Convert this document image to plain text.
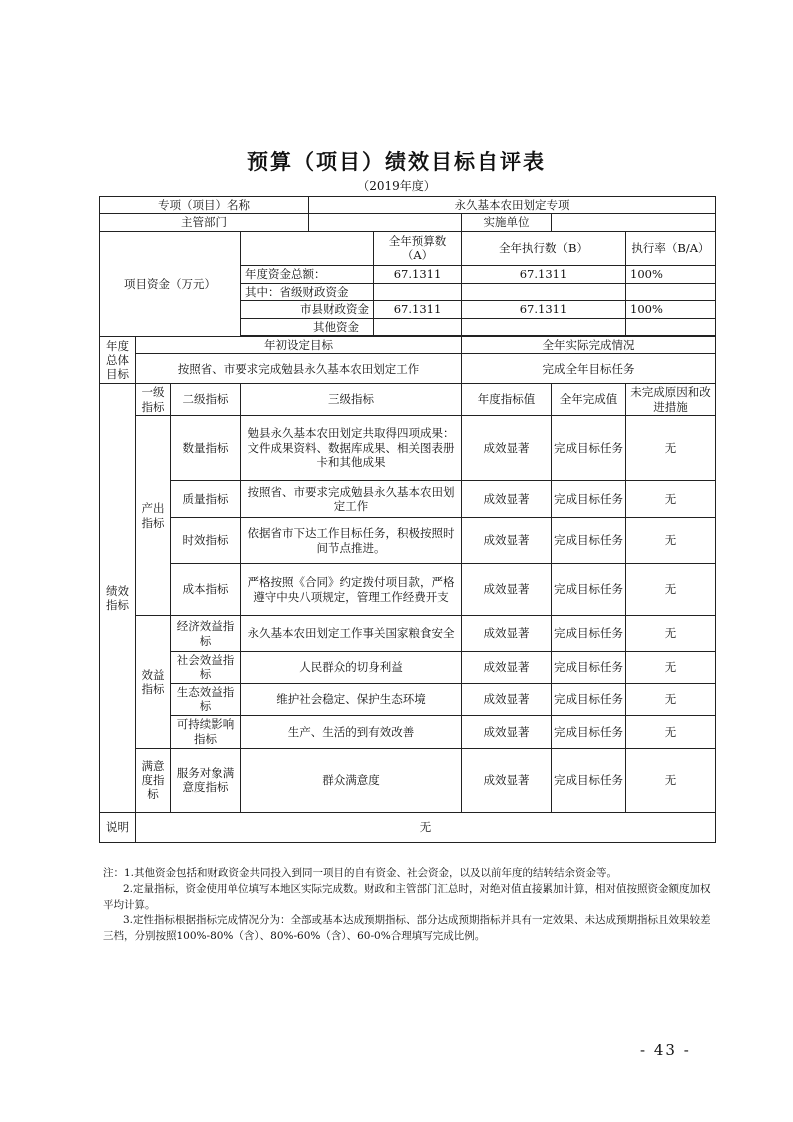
预算（项目）绩效目标自评表
（2019年度）
专项（项目）名称				永久基本农田划定专项				
主管部门						实施单位		
项目资金（万元）					全年预算数（A）	全年执行数（B）		执行率（B/A）
			年度资金总额：		67.1311	67.1311		100%
			其中：省级财政资金					
			市县财政资金		67.1311	67.1311		100%
			其他资金					

年度总体目标	年初设定目标					全年实际完成情况		
	按照省、市要求完成勉县永久基本农田划定工作					完成全年目标任务		
绩效指标	一级指标	二级指标	三级指标			年度指标值	全年完成值	未完成原因和改进措施
	产出指标	数量指标	勉县永久基本农田划定共取得四项成果：文件成果资料、数据库成果、相关图表册卡和其他成果			成效显著	完成目标任务	无
		质量指标	按照省、市要求完成勉县永久基本农田划定工作			成效显著	完成目标任务	无
		时效指标	依据省市下达工作目标任务，积极按照时间节点推进。			成效显著	完成目标任务	无
		成本指标	严格按照《合同》约定拨付项目款，严格遵守中央八项规定，管理工作经费开支			成效显著	完成目标任务	无
	效益指标	经济效益指标	永久基本农田划定工作事关国家粮食安全			成效显著	完成目标任务	无
		社会效益指标	人民群众的切身利益			成效显著	完成目标任务	无
		生态效益指标	维护社会稳定、保护生态环境			成效显著	完成目标任务	无
		可持续影响指标	生产、生活的到有效改善			成效显著	完成目标任务	无
	满意度指标	服务对象满意度指标	群众满意度			成效显著	完成目标任务	无
说明	无							

注：1.其他资金包括和财政资金共同投入到同一项目的自有资金、社会资金，以及以前年度的结转结余资金等。

2.定量指标，资金使用单位填写本地区实际完成数。财政和主管部门汇总时，对绝对值直接累加计算，相对值按照资金额度加权平均计算。

3.定性指标根据指标完成情况分为：全部或基本达成预期指标、部分达成预期指标并具有一定效果、未达成预期指标且效果较差三档，分别按照100%-80%（含）、80%-60%（含）、60-0%合理填写完成比例。

- 43 -
